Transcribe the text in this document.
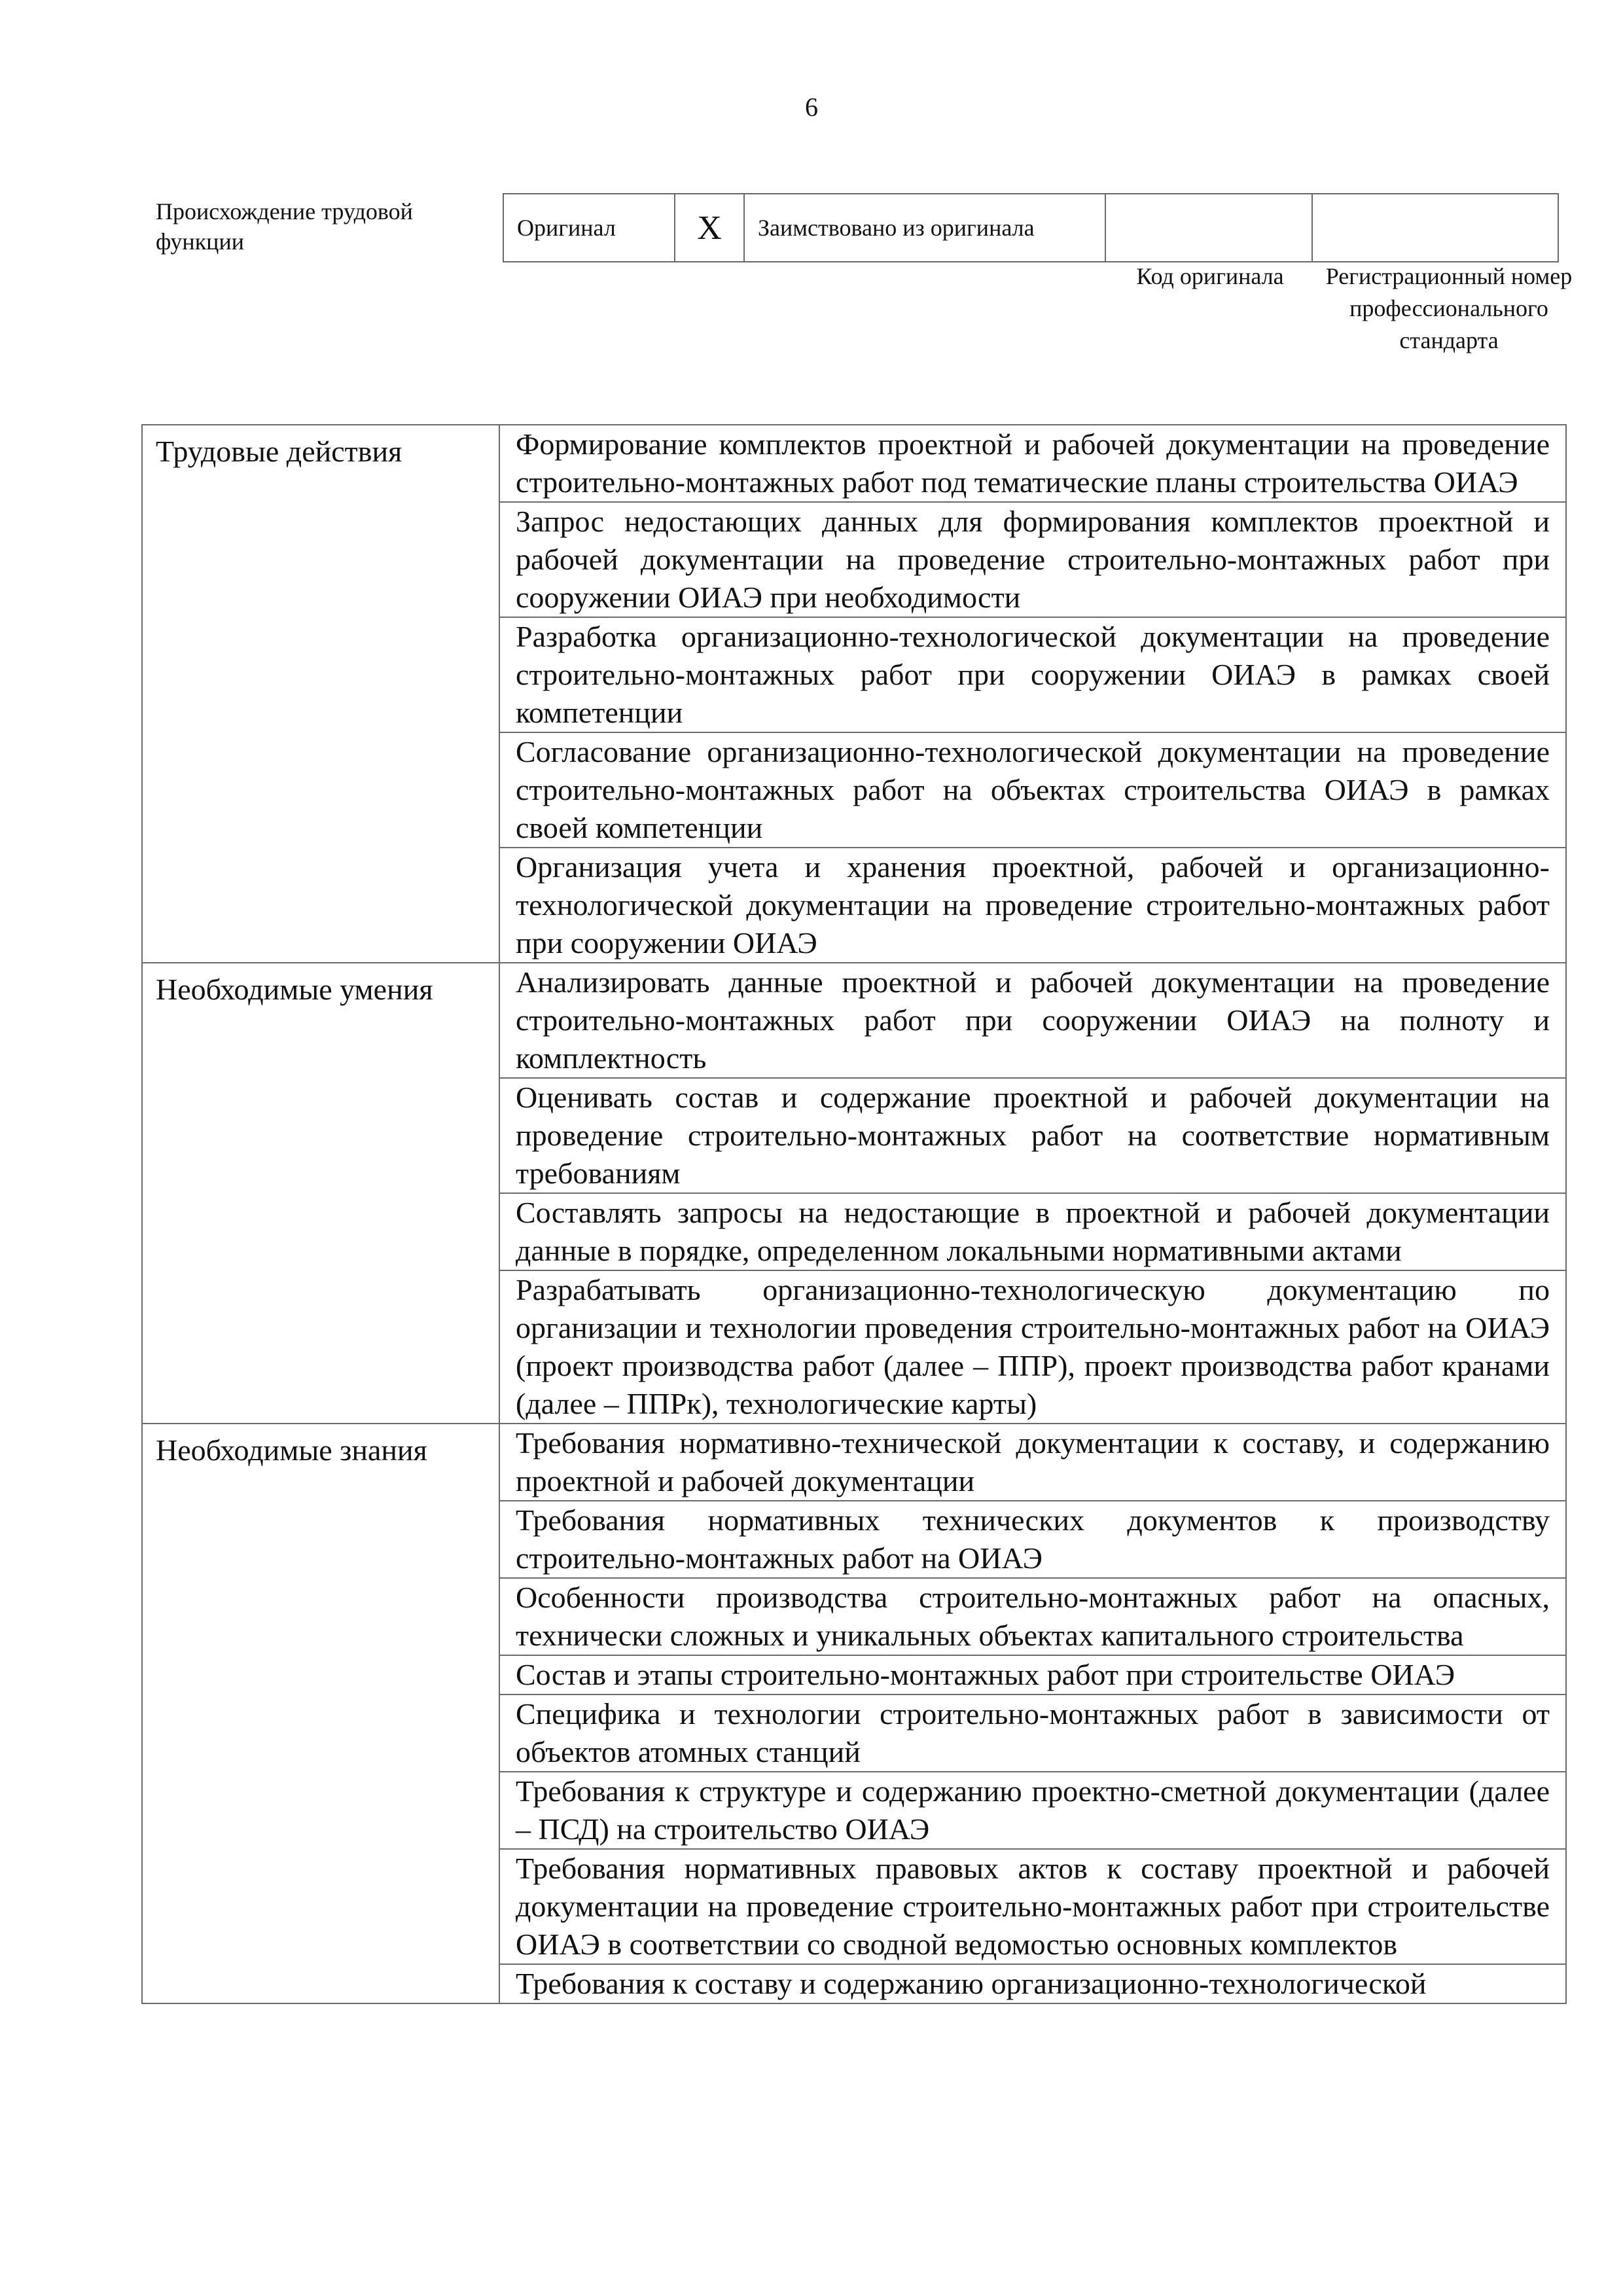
6
Происхождение трудовой функции
Оригинал	X	Заимствовано из оригинала		
Код оригинала	Регистрационный номер профессионального стандарта
Трудовые действия	Формирование комплектов проектной и рабочей документации на проведение строительно-монтажных работ под тематические планы строительства ОИАЭ
	Запрос недостающих данных для формирования комплектов проектной и рабочей документации на проведение строительно-монтажных работ при сооружении ОИАЭ при необходимости
	Разработка организационно-технологической документации на проведение строительно-монтажных работ при сооружении ОИАЭ в рамках своей компетенции
	Согласование организационно-технологической документации на проведение строительно-монтажных работ на объектах строительства ОИАЭ в рамках своей компетенции
	Организация учета и хранения проектной, рабочей и организационно-технологической документации на проведение строительно-монтажных работ при сооружении ОИАЭ
Необходимые умения	Анализировать данные проектной и рабочей документации на проведение строительно-монтажных работ при сооружении ОИАЭ на полноту и комплектность
	Оценивать состав и содержание проектной и рабочей документации на проведение строительно-монтажных работ на соответствие нормативным требованиям
	Составлять запросы на недостающие в проектной и рабочей документации данные в порядке, определенном локальными нормативными актами
	Разрабатывать организационно-технологическую документацию по организации и технологии проведения строительно-монтажных работ на ОИАЭ (проект производства работ (далее – ППР), проект производства работ кранами (далее – ППРк), технологические карты)
Необходимые знания	Требования нормативно-технической документации к составу, и содержанию проектной и рабочей документации
	Требования нормативных технических документов к производству строительно-монтажных работ на ОИАЭ
	Особенности производства строительно-монтажных работ на опасных, технически сложных и уникальных объектах капитального строительства
	Состав и этапы строительно-монтажных работ при строительстве ОИАЭ
	Специфика и технологии строительно-монтажных работ в зависимости от объектов атомных станций
	Требования к структуре и содержанию проектно-сметной документации (далее – ПСД) на строительство ОИАЭ
	Требования нормативных правовых актов к составу проектной и рабочей документации на проведение строительно-монтажных работ при строительстве ОИАЭ в соответствии со сводной ведомостью основных комплектов
	Требования к составу и содержанию организационно-технологической
